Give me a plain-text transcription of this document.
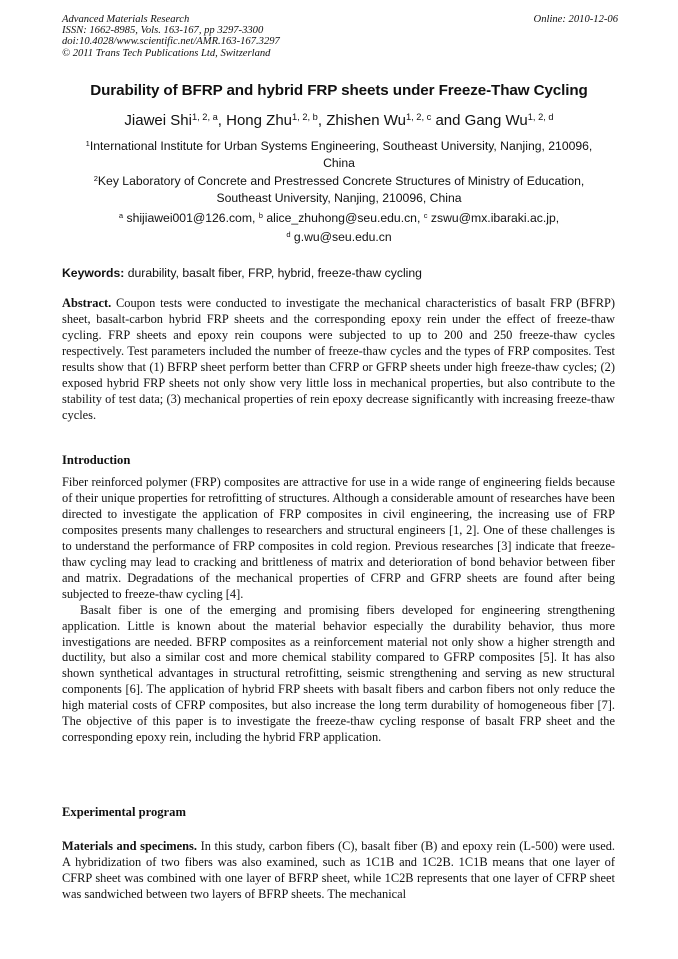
Advanced Materials Research
ISSN: 1662-8985, Vols. 163-167, pp 3297-3300
doi:10.4028/www.scientific.net/AMR.163-167.3297
© 2011 Trans Tech Publications Ltd, Switzerland
Online: 2010-12-06
Durability of BFRP and hybrid FRP sheets under Freeze-Thaw Cycling
Jiawei Shi$^{1, 2, a}$, Hong Zhu$^{1, 2, b}$, Zhishen Wu$^{1, 2, c}$ and Gang Wu$^{1, 2, d}$
$^1$International Institute for Urban Systems Engineering, Southeast University, Nanjing, 210096,
China
$^2$Key Laboratory of Concrete and Prestressed Concrete Structures of Ministry of Education,
Southeast University, Nanjing, 210096, China
$^a$ shijiawei001@126.com, $^b$ alice_zhuhong@seu.edu.cn, $^c$ zswu@mx.ibaraki.ac.jp,
$^d$ g.wu@seu.edu.cn
Keywords: durability, basalt fiber, FRP, hybrid, freeze-thaw cycling

Abstract. Coupon tests were conducted to investigate the mechanical characteristics of basalt FRP (BFRP) sheet, basalt-carbon hybrid FRP sheets and the corresponding epoxy rein under the effect of freeze-thaw cycling. FRP sheets and epoxy rein coupons were subjected to up to 200 and 250 freeze-thaw cycles respectively. Test parameters included the number of freeze-thaw cycles and the types of FRP composites. Test results show that (1) BFRP sheet perform better than CFRP or GFRP sheets under high freeze-thaw cycles; (2) exposed hybrid FRP sheets not only show very little loss in mechanical properties, but also contribute to the stability of test data; (3) mechanical properties of rein epoxy decrease significantly with increasing freeze-thaw cycles.

Introduction

Fiber reinforced polymer (FRP) composites are attractive for use in a wide range of engineering fields because of their unique properties for retrofitting of structures. Although a considerable amount of researches have been directed to investigate the application of FRP composites in civil engineering, the increasing use of FRP composites presents many challenges to researchers and structural engineers [1, 2]. One of these challenges is to understand the performance of FRP composites in cold region. Previous researches [3] indicate that freeze-thaw cycling may lead to cracking and brittleness of matrix and deterioration of bond behavior between fiber and matrix. Degradations of the mechanical properties of CFRP and GFRP sheets are found after being subjected to freeze-thaw cycling [4].

Basalt fiber is one of the emerging and promising fibers developed for engineering strengthening application. Little is known about the material behavior especially the durability behavior, thus more investigations are needed. BFRP composites as a reinforcement material not only show a higher strength and ductility, but also a similar cost and more chemical stability compared to GFRP composites [5]. It has also shown synthetical advantages in structural retrofitting, seismic strengthening and serving as new structural components [6]. The application of hybrid FRP sheets with basalt fibers and carbon fibers not only reduce the high material costs of CFRP composites, but also increase the long term durability of homogeneous fiber [7]. The objective of this paper is to investigate the freeze-thaw cycling response of basalt FRP sheet and the corresponding epoxy rein, including the hybrid FRP application.

Experimental program

Materials and specimens. In this study, carbon fibers (C), basalt fiber (B) and epoxy rein (L-500) were used. A hybridization of two fibers was also examined, such as 1C1B and 1C2B. 1C1B means that one layer of CFRP sheet was combined with one layer of BFRP sheet, while 1C2B represents that one layer of CFRP sheet was sandwiched between two layers of BFRP sheets. The mechanical
